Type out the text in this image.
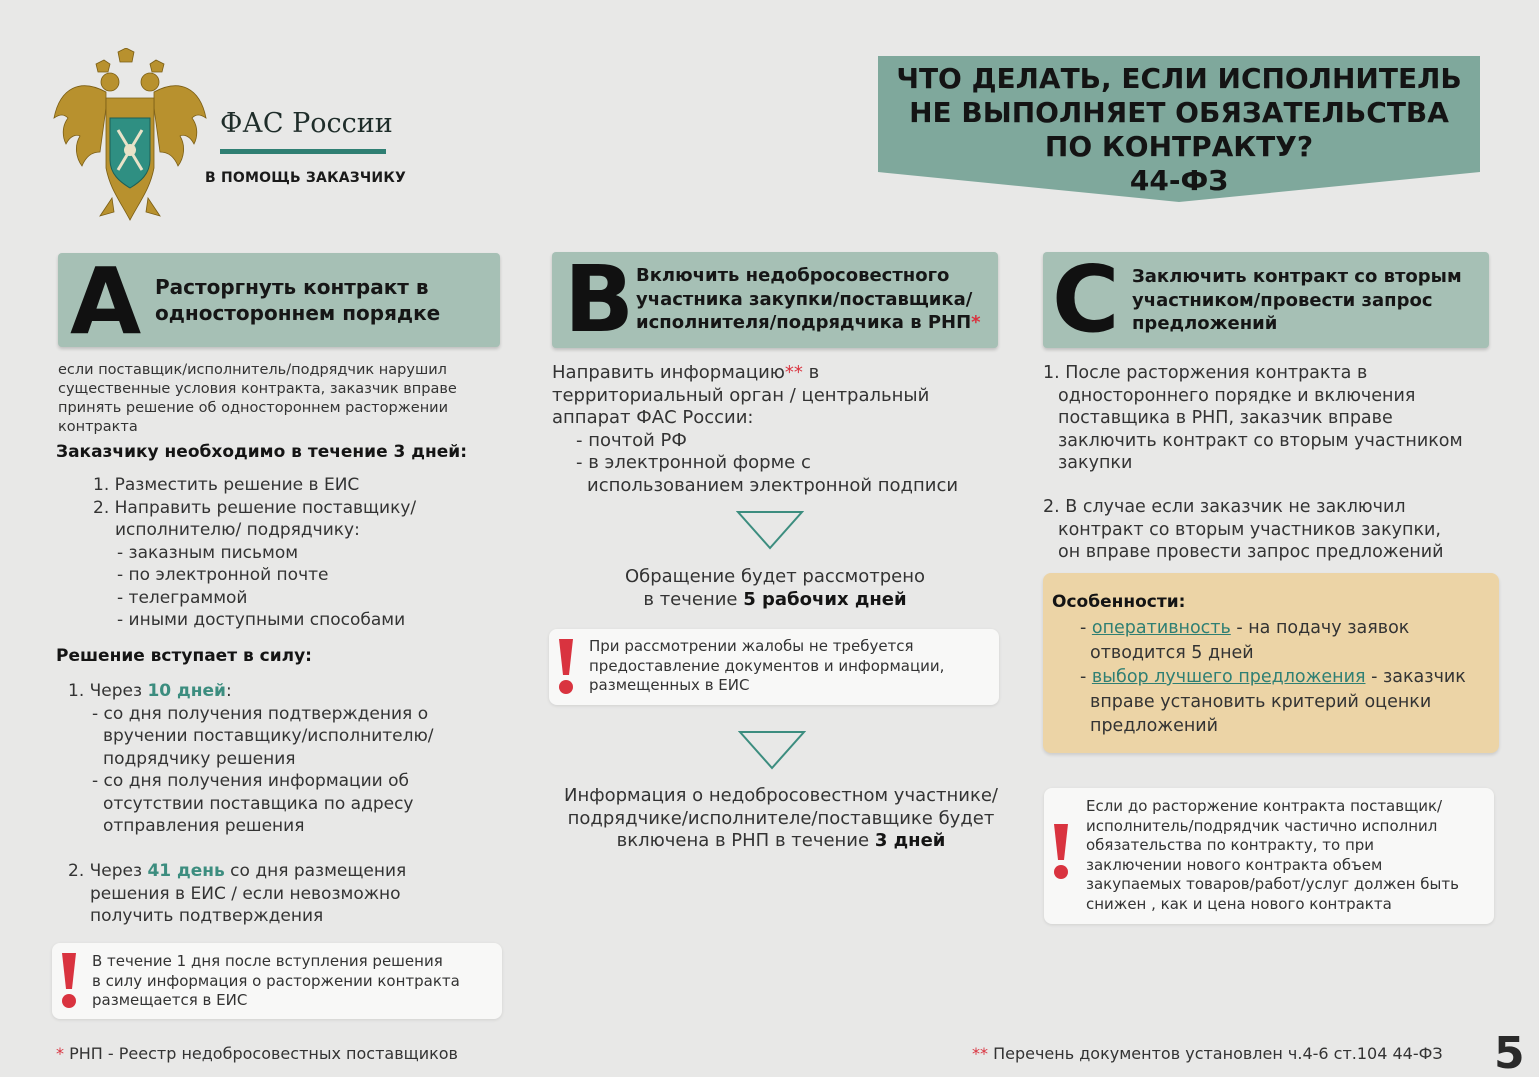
ФАС России
В ПОМОЩЬ ЗАКАЗЧИКУ
ЧТО ДЕЛАТЬ, ЕСЛИ ИСПОЛНИТЕЛЬ
НЕ ВЫПОЛНЯЕТ ОБЯЗАТЕЛЬСТВА
ПО КОНТРАКТУ?
44-ФЗ
A Расторгнуть контракт в
одностороннем порядке
если поставщик/исполнитель/подрядчик нарушил
существенные условия контракта, заказчик вправе
принять решение об одностороннем расторжении
контракта
Заказчику необходимо в течение 3 дней:
1. Разместить решение в ЕИС
2. Направить решение поставщику/
исполнителю/ подрядчику:
- заказным письмом
- по электронной почте
- телеграммой
- иными доступными способами
Решение вступает в силу:
1. Через 10 дней:
- со дня получения подтверждения о
вручении поставщику/исполнителю/
подрядчику решения
- со дня получения информации об
отсутствии поставщика по адресу
отправления решения
2. Через 41 день со дня размещения
решения в ЕИС / если невозможно
получить подтверждения
В течение 1 дня после вступления решения
в силу информация о расторжении контракта
размещается в ЕИС
B Включить недобросовестного
участника закупки/поставщика/
исполнителя/подрядчика в РНП*
Направить информацию** в
территориальный орган / центральный
аппарат ФАС России:
- почтой РФ
- в электронной форме с
использованием электронной подписи
Обращение будет рассмотрено
в течение 5 рабочих дней
При рассмотрении жалобы не требуется
предоставление документов и информации,
размещенных в ЕИС
Информация о недобросовестном участнике/
подрядчике/исполнителе/поставщике будет
включена в РНП в течение 3 дней
C Заключить контракт со вторым
участником/провести запрос
предложений
1. После расторжения контракта в
одностороннего порядке и включения
поставщика в РНП, заказчик вправе
заключить контракт со вторым участником
закупки
2. В случае если заказчик не заключил
контракт со вторым участников закупки,
он вправе провести запрос предложений
Особенности:
- оперативность - на подачу заявок
отводится 5 дней
- выбор лучшего предложения - заказчик
вправе установить критерий оценки
предложений
Если до расторжение контракта поставщик/
исполнитель/подрядчик частично исполнил
обязательства по контракту, то при
заключении нового контракта объем
закупаемых товаров/работ/услуг должен быть
снижен , как и цена нового контракта
* РНП - Реестр недобросовестных поставщиков	** Перечень документов установлен ч.4-6 ст.104 44-ФЗ 5
